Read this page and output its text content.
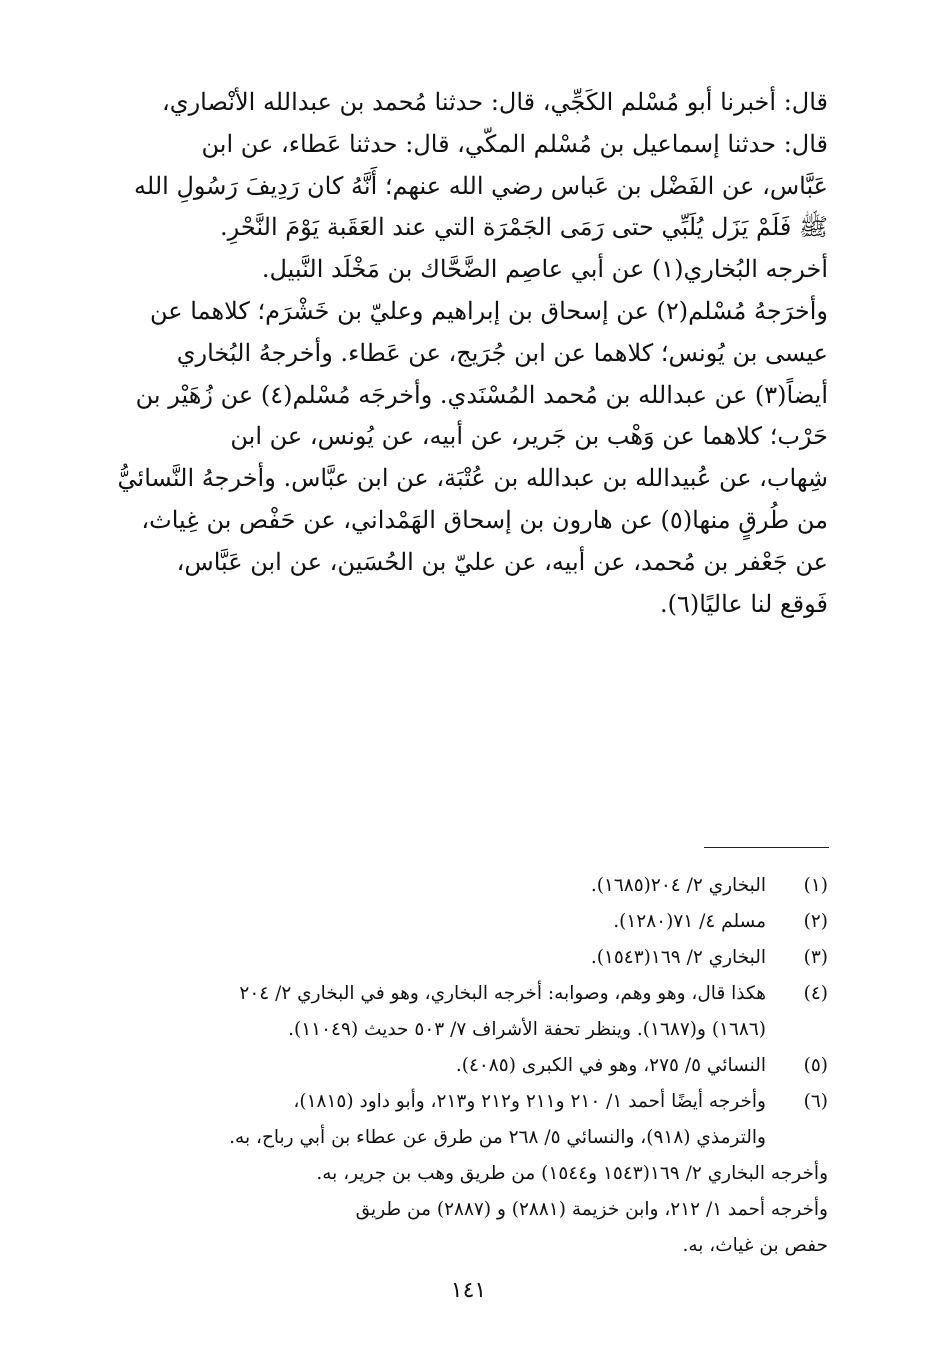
قال: أخبرنا أبو مُسْلم الكَجِّي، قال: حدثنا مُحمد بن عبدالله الأنْصاري،
قال: حدثنا إسماعيل بن مُسْلم المكّي، قال: حدثنا عَطاء، عن ابن
عَبَّاس، عن الفَضْل بن عَباس رضي الله عنهم؛ أَنَّهُ كان رَدِيفَ رَسُولِ الله
ﷺ فَلَمْ يَزَل يُلَبِّي حتى رَمَى الجَمْرَة التي عند العَقَبة يَوْمَ النَّحْرِ.
أخرجه البُخاري(١) عن أبي عاصِم الضَّحَّاك بن مَخْلَد النَّبيل.
وأخرَجهُ مُسْلم(٢) عن إسحاق بن إبراهيم وعليّ بن خَشْرَم؛ كلاهما عن
عيسى بن يُونس؛ كلاهما عن ابن جُرَيج، عن عَطاء. وأخرجهُ البُخاري
أيضاً(٣) عن عبدالله بن مُحمد المُسْنَدي. وأخرجَه مُسْلم(٤) عن زُهَيْر بن
حَرْب؛ كلاهما عن وَهْب بن جَرير، عن أبيه، عن يُونس، عن ابن
شِهاب، عن عُبيدالله بن عبدالله بن عُتْبَة، عن ابن عبَّاس. وأخرجهُ النَّسائيُّ
من طُرقٍ منها(٥) عن هارون بن إسحاق الهَمْداني، عن حَفْص بن غِياث،
عن جَعْفر بن مُحمد، عن أبيه، عن عليّ بن الحُسَين، عن ابن عَبَّاس،
فَوقع لنا عاليًا(٦).
(١)
البخاري ٢/ ٢٠٤(١٦٨٥).
(٢)
مسلم ٤/ ٧١(١٢٨٠).
(٣)
البخاري ٢/ ١٦٩(١٥٤٣).
(٤)
هكذا قال، وهو وهم، وصوابه: أخرجه البخاري، وهو في البخاري ٢/ ٢٠٤
(١٦٨٦) و(١٦٨٧). وينظر تحفة الأشراف ٧/ ٥٠٣ حديث (١١٠٤٩).
(٥)
النسائي ٥/ ٢٧٥، وهو في الكبرى (٤٠٨٥).
(٦)
وأخرجه أيضًا أحمد ١/ ٢١٠ و٢١١ و٢١٢ و٢١٣، وأبو داود (١٨١٥)،
والترمذي (٩١٨)، والنسائي ٥/ ٢٦٨ من طرق عن عطاء بن أبي رباح، به.
وأخرجه البخاري ٢/ ١٦٩(١٥٤٣ و١٥٤٤) من طريق وهب بن جرير، به.
وأخرجه أحمد ١/ ٢١٢، وابن خزيمة (٢٨٨١) و (٢٨٨٧) من طريق
حفص بن غياث، به.
١٤١
